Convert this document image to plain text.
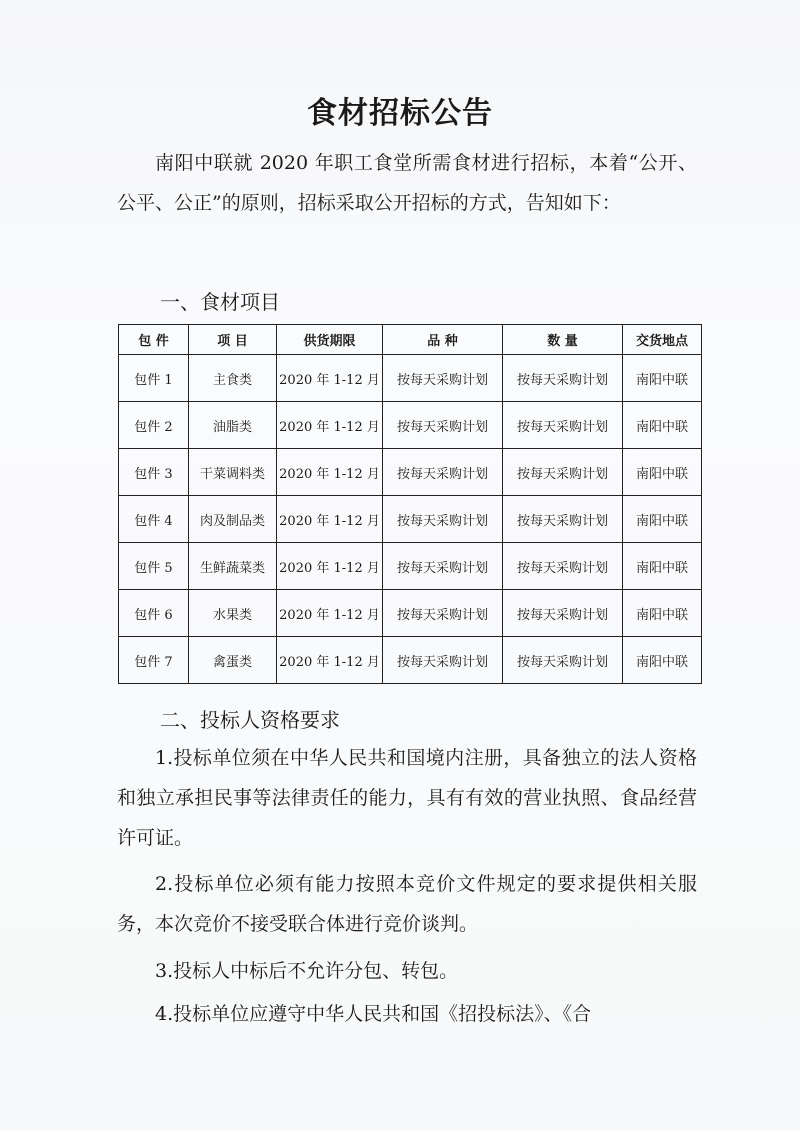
食材招标公告

南阳中联就 2020 年职工食堂所需食材进行招标，本着“公开、公平、公正”的原则，招标采取公开招标的方式，告知如下：

一、食材项目
包 件	项 目	供货期限	品 种	数 量	交货地点
包件 1	主食类	2020 年 1-12 月	按每天采购计划	按每天采购计划	南阳中联
包件 2	油脂类	2020 年 1-12 月	按每天采购计划	按每天采购计划	南阳中联
包件 3	干菜调料类	2020 年 1-12 月	按每天采购计划	按每天采购计划	南阳中联
包件 4	肉及制品类	2020 年 1-12 月	按每天采购计划	按每天采购计划	南阳中联
包件 5	生鲜蔬菜类	2020 年 1-12 月	按每天采购计划	按每天采购计划	南阳中联
包件 6	水果类	2020 年 1-12 月	按每天采购计划	按每天采购计划	南阳中联
包件 7	禽蛋类	2020 年 1-12 月	按每天采购计划	按每天采购计划	南阳中联
二、投标人资格要求

1.投标单位须在中华人民共和国境内注册，具备独立的法人资格和独立承担民事等法律责任的能力，具有有效的营业执照、食品经营许可证。

2.投标单位必须有能力按照本竞价文件规定的要求提供相关服务，本次竞价不接受联合体进行竞价谈判。

3.投标人中标后不允许分包、转包。

4.投标单位应遵守中华人民共和国《招投标法》、《合
